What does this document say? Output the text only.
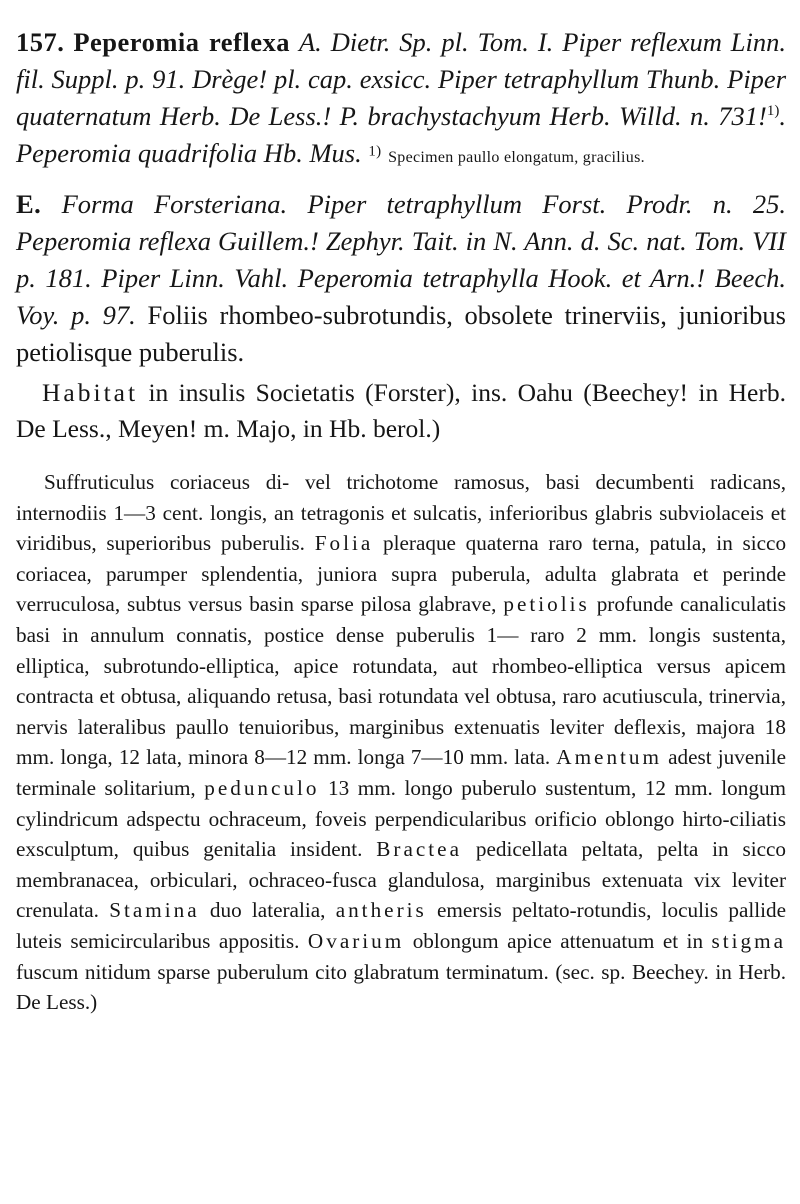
157. Peperomia reflexa A. Dietr. Sp. pl. Tom. I. Piper reflexum Linn. fil. Suppl. p. 91. Drège! pl. cap. exsicc. Piper tetraphyllum Thunb. Piper quaternatum Herb. De Less.! P. brachystachyum Herb. Willd. n. 731!$^{1)}$. Peperomia quadrifolia Hb. Mus. 1) Specimen paullo elongatum, gracilius.

E. Forma Forsteriana. Piper tetraphyllum Forst. Prodr. n. 25. Peperomia reflexa Guillem.! Zephyr. Tait. in N. Ann. d. Sc. nat. Tom. VII p. 181. Piper Linn. Vahl. Peperomia tetraphylla Hook. et Arn.! Beech. Voy. p. 97. Foliis rhombeo-subrotundis, obsolete trinerviis, junioribus petiolisque puberulis.

Habitat in insulis Societatis (Forster), ins. Oahu (Beechey! in Herb. De Less., Meyen! m. Majo, in Hb. berol.)

Suffruticulus coriaceus di- vel trichotome ramosus, basi decumbenti radicans, internodiis 1—3 cent. longis, an tetragonis et sulcatis, inferioribus glabris subviolaceis et viridibus, superioribus puberulis. Folia pleraque quaterna raro terna, patula, in sicco coriacea, parumper splendentia, juniora supra puberula, adulta glabrata et perinde verruculosa, subtus versus basin sparse pilosa glabrave, petiolis profunde canaliculatis basi in annulum connatis, postice dense puberulis 1— raro 2 mm. longis sustenta, elliptica, subrotundo-elliptica, apice rotundata, aut rhombeo-elliptica versus apicem contracta et obtusa, aliquando retusa, basi rotundata vel obtusa, raro acutiuscula, trinervia, nervis lateralibus paullo tenuioribus, marginibus extenuatis leviter deflexis, majora 18 mm. longa, 12 lata, minora 8—12 mm. longa 7—10 mm. lata. Amentum adest juvenile terminale solitarium, pedunculo 13 mm. longo puberulo sustentum, 12 mm. longum cylindricum adspectu ochraceum, foveis perpendicularibus orificio oblongo hirto-ciliatis exsculptum, quibus genitalia insident. Bractea pedicellata peltata, pelta in sicco membranacea, orbiculari, ochraceo-fusca glandulosa, marginibus extenuata vix leviter crenulata. Stamina duo lateralia, antheris emersis peltato-rotundis, loculis pallide luteis semicircularibus appositis. Ovarium oblongum apice attenuatum et in stigma fuscum nitidum sparse puberulum cito glabratum terminatum. (sec. sp. Beechey. in Herb. De Less.)
